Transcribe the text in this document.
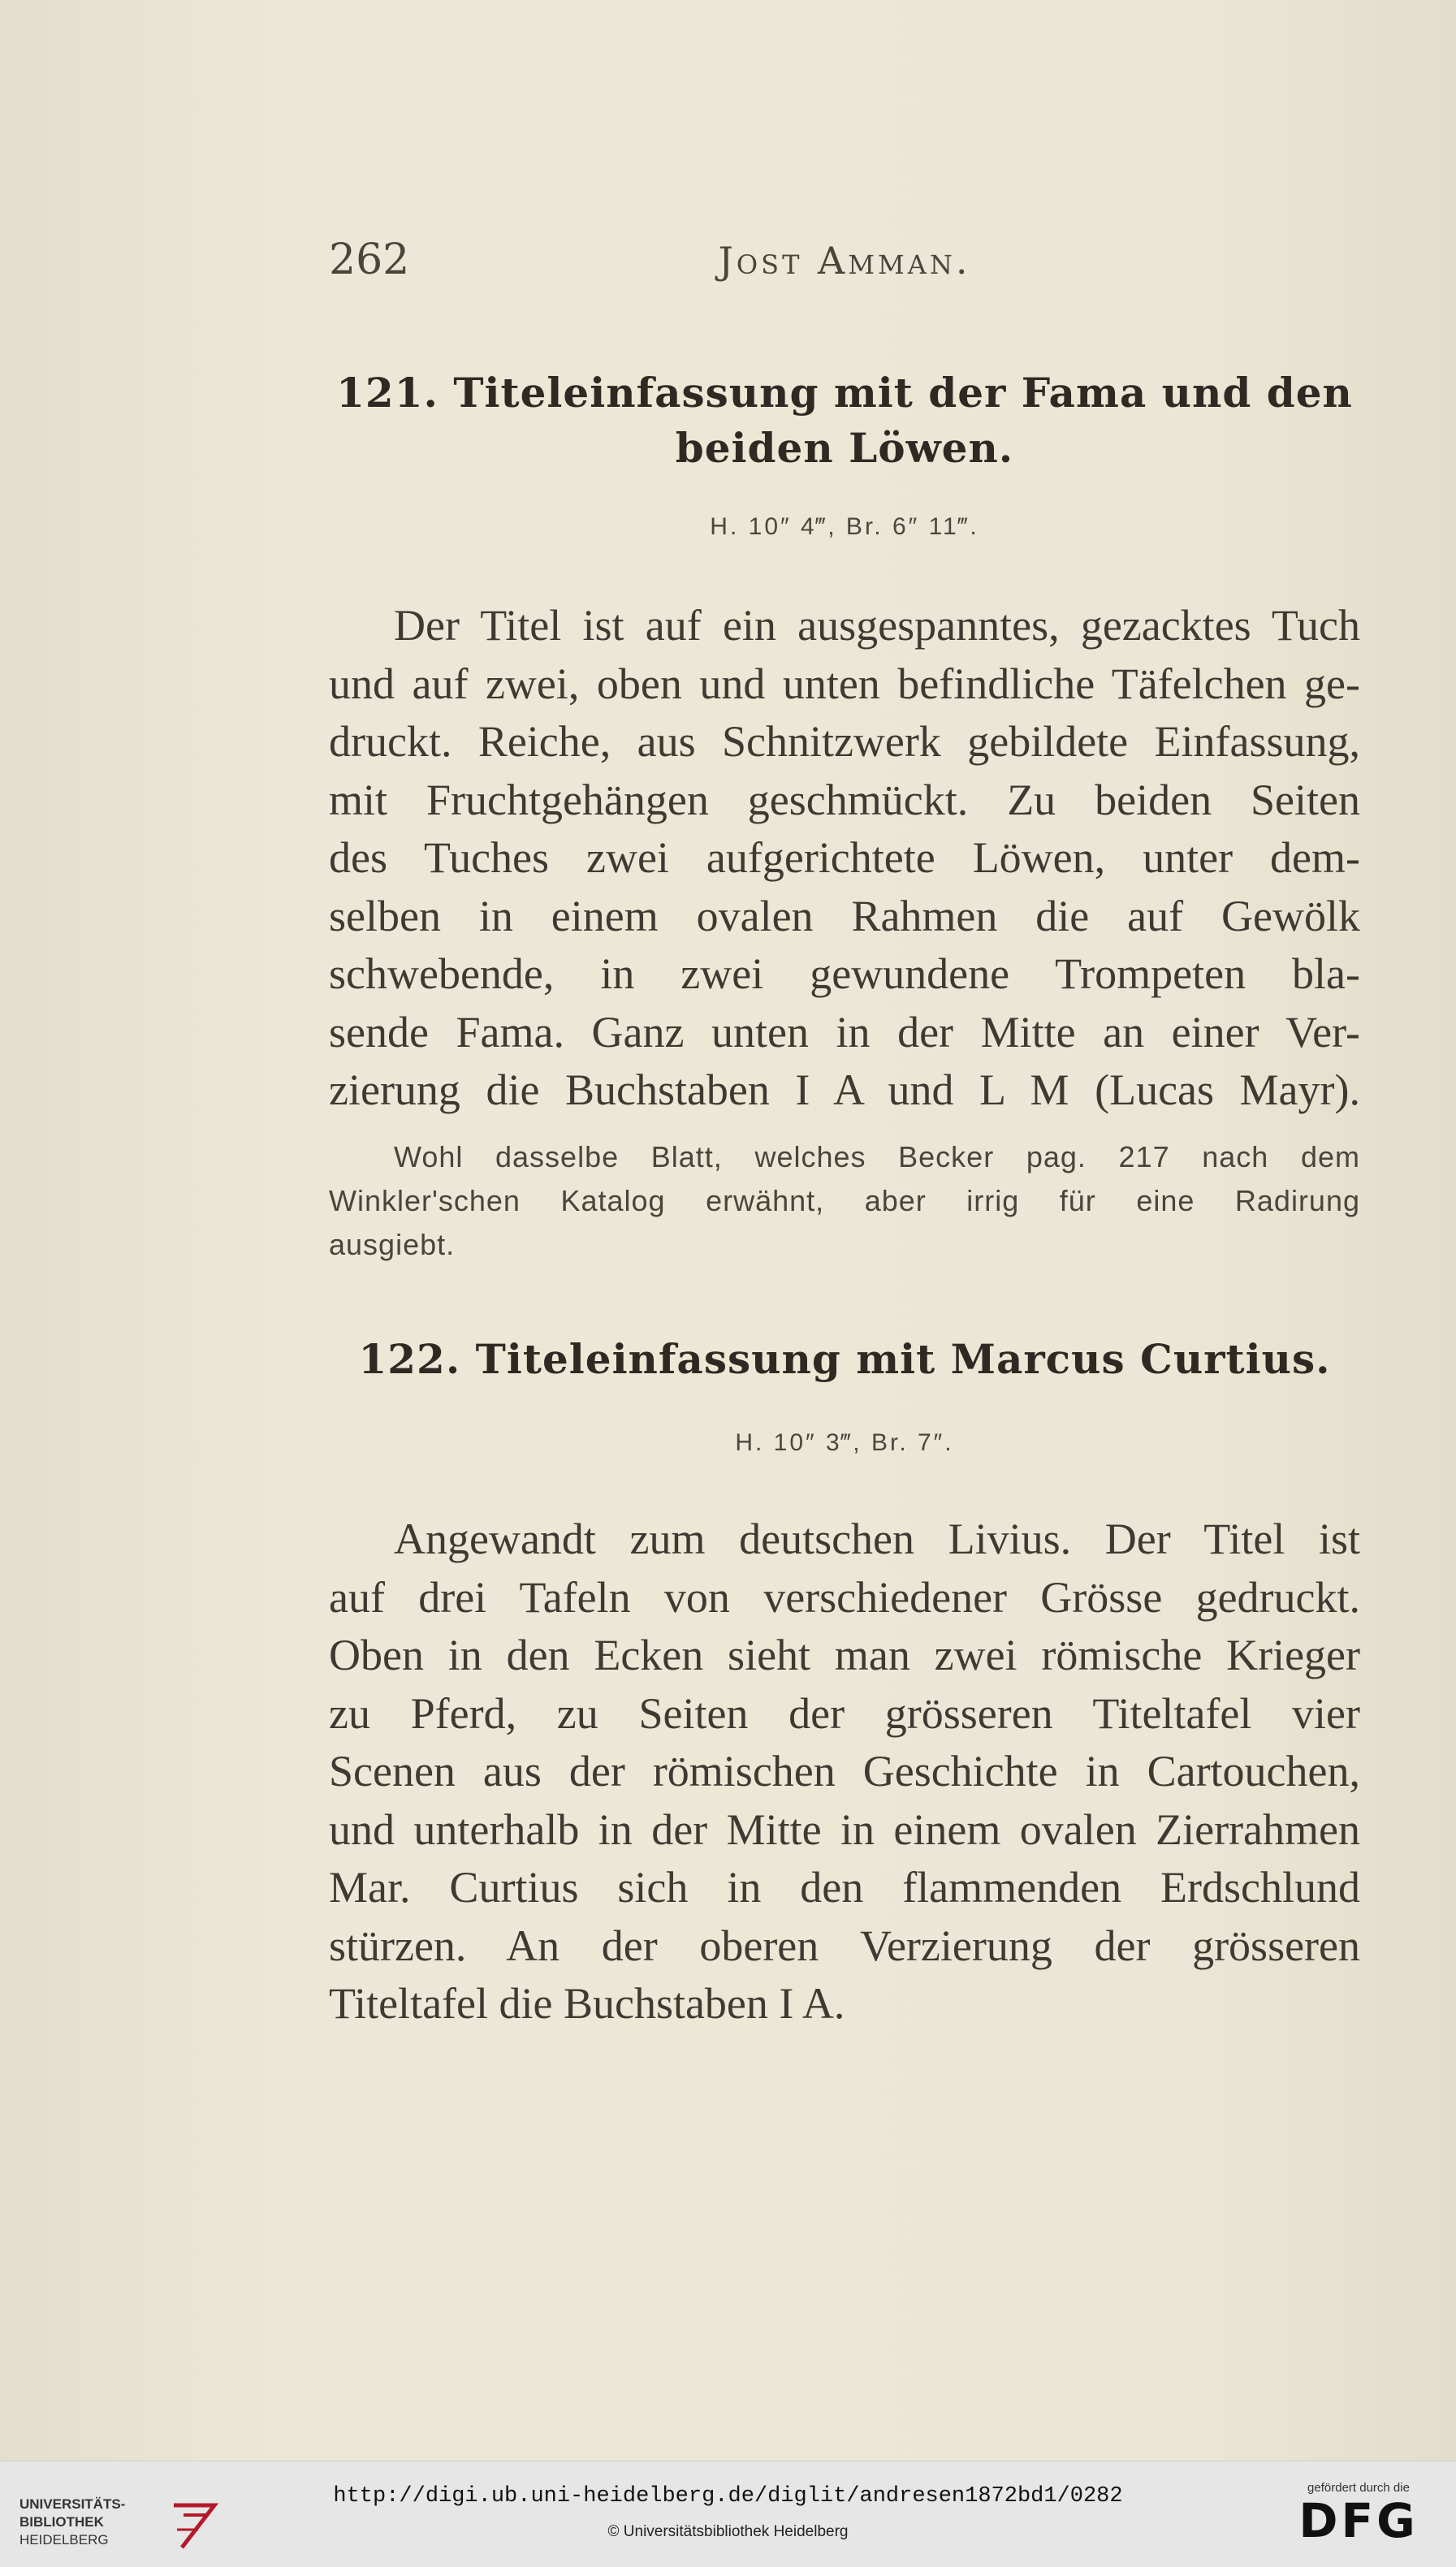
262	Jost Amman.
121. Titeleinfassung mit der Fama und den
beiden Löwen.
H. 10″ 4‴, Br. 6″ 11‴.
Der Titel ist auf ein ausgespanntes, gezacktes Tuch
und auf zwei, oben und unten befindliche Täfelchen ge-
druckt. Reiche, aus Schnitzwerk gebildete Einfassung,
mit Fruchtgehängen geschmückt. Zu beiden Seiten
des Tuches zwei aufgerichtete Löwen, unter dem-
selben in einem ovalen Rahmen die auf Gewölk
schwebende, in zwei gewundene Trompeten bla-
sende Fama. Ganz unten in der Mitte an einer Ver-
zierung die Buchstaben I A und L M (Lucas Mayr).
Wohl dasselbe Blatt, welches Becker pag. 217 nach dem
Winkler'schen Katalog erwähnt, aber irrig für eine Radirung
ausgiebt.
122. Titeleinfassung mit Marcus Curtius.
H. 10″ 3‴, Br. 7″.
Angewandt zum deutschen Livius. Der Titel ist
auf drei Tafeln von verschiedener Grösse gedruckt.
Oben in den Ecken sieht man zwei römische Krieger
zu Pferd, zu Seiten der grösseren Titeltafel vier
Scenen aus der römischen Geschichte in Cartouchen,
und unterhalb in der Mitte in einem ovalen Zierrahmen
Mar. Curtius sich in den flammenden Erdschlund
stürzen. An der oberen Verzierung der grösseren
Titeltafel die Buchstaben I A.
UNIVERSITÄTS-
BIBLIOTHEK
HEIDELBERG
http://digi.ub.uni-heidelberg.de/diglit/andresen1872bd1/0282
© Universitätsbibliothek Heidelberg
gefördert durch die
DFG
